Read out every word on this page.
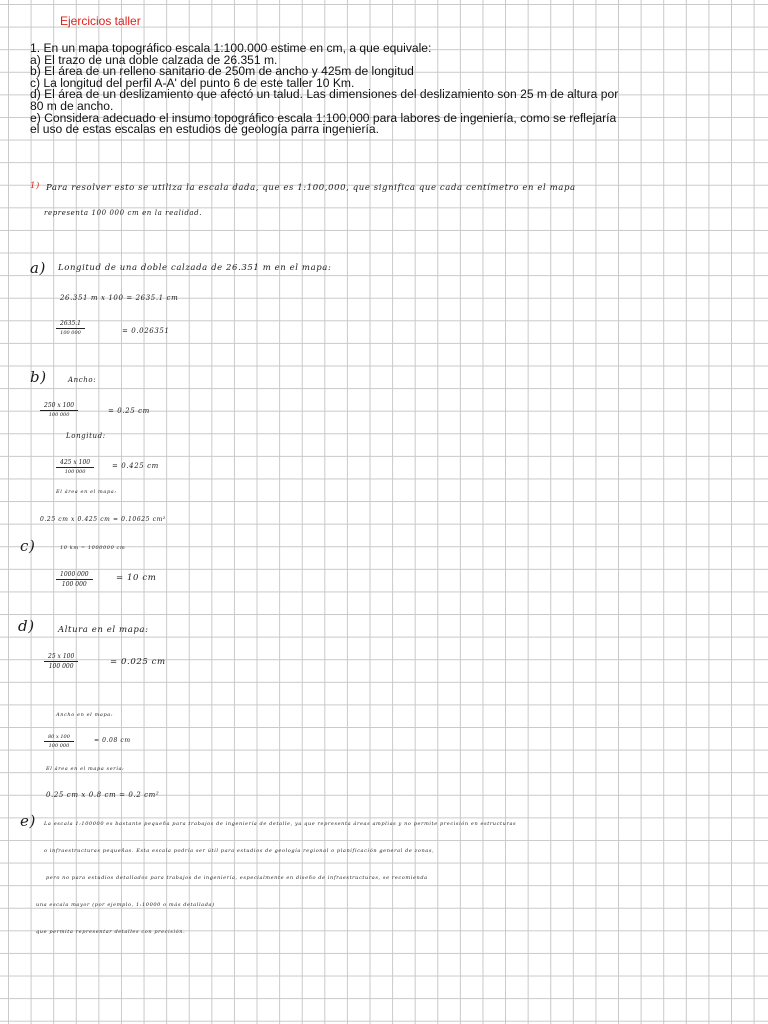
Ejercicios taller
1. En un mapa topográfico escala 1:100.000 estime en cm, a que equivale:
a) El trazo de una doble calzada de 26.351 m.
b) El área de un relleno sanitario de 250m de ancho y 425m de longitud
c) La longitud del perfil A-A' del punto 6 de este taller 10 Km.
d) El área de un deslizamiento que afectó un talud. Las dimensiones del deslizamiento son 25 m de altura por
80 m de ancho.
e) Considera adecuado el insumo topográfico escala 1:100.000 para labores de ingeniería, como se reflejaría
el uso de estas escalas en estudios de geología parra ingeniería.
1) Para resolver esto se utiliza la escala dada, que es 1:100,000, que significa que cada centímetro en el mapa
representa 100 000 cm en la realidad.
a) Longitud de una doble calzada de 26.351 m en el mapa:
26.351 m x 100 = 2635.1 cm
2635.1
100 000	= 0.026351
b)	Ancho:
250 x 100
100 000	= 0.25 cm
Longitud:
425 x 100
100 000
= 0.425 cm
El área en el mapa:
0.25 cm x 0.425 cm = 0.10625 cm²
c)	10 km = 1000000 cm
$\frac{1000 000}{100 000}$	= 10 cm
d)	Altura en el mapa:
$\frac{25 x 100}{100 000}$	= 0.025 cm
Ancho en el mapa:
$\frac{80 x 100}{100 000}$	= 0.08 cm
El área en el mapa sería:
0.25 cm x 0.8 cm = 0.2 cm²
e) La escala 1:100000 es bastante pequeña para trabajos de ingeniería de detalle, ya que representa áreas amplias y no permite precisión en estructuras
o infraestructuras pequeñas. Esta escala podría ser útil para estudios de geología regional o planificación general de zonas,
pero no para estudios detallados para trabajos de ingeniería, especialmente en diseño de infraestructuras, se recomienda
una escala mayor (por ejemplo, 1:10000 o más detallada)
que permita representar detalles con precisión.
